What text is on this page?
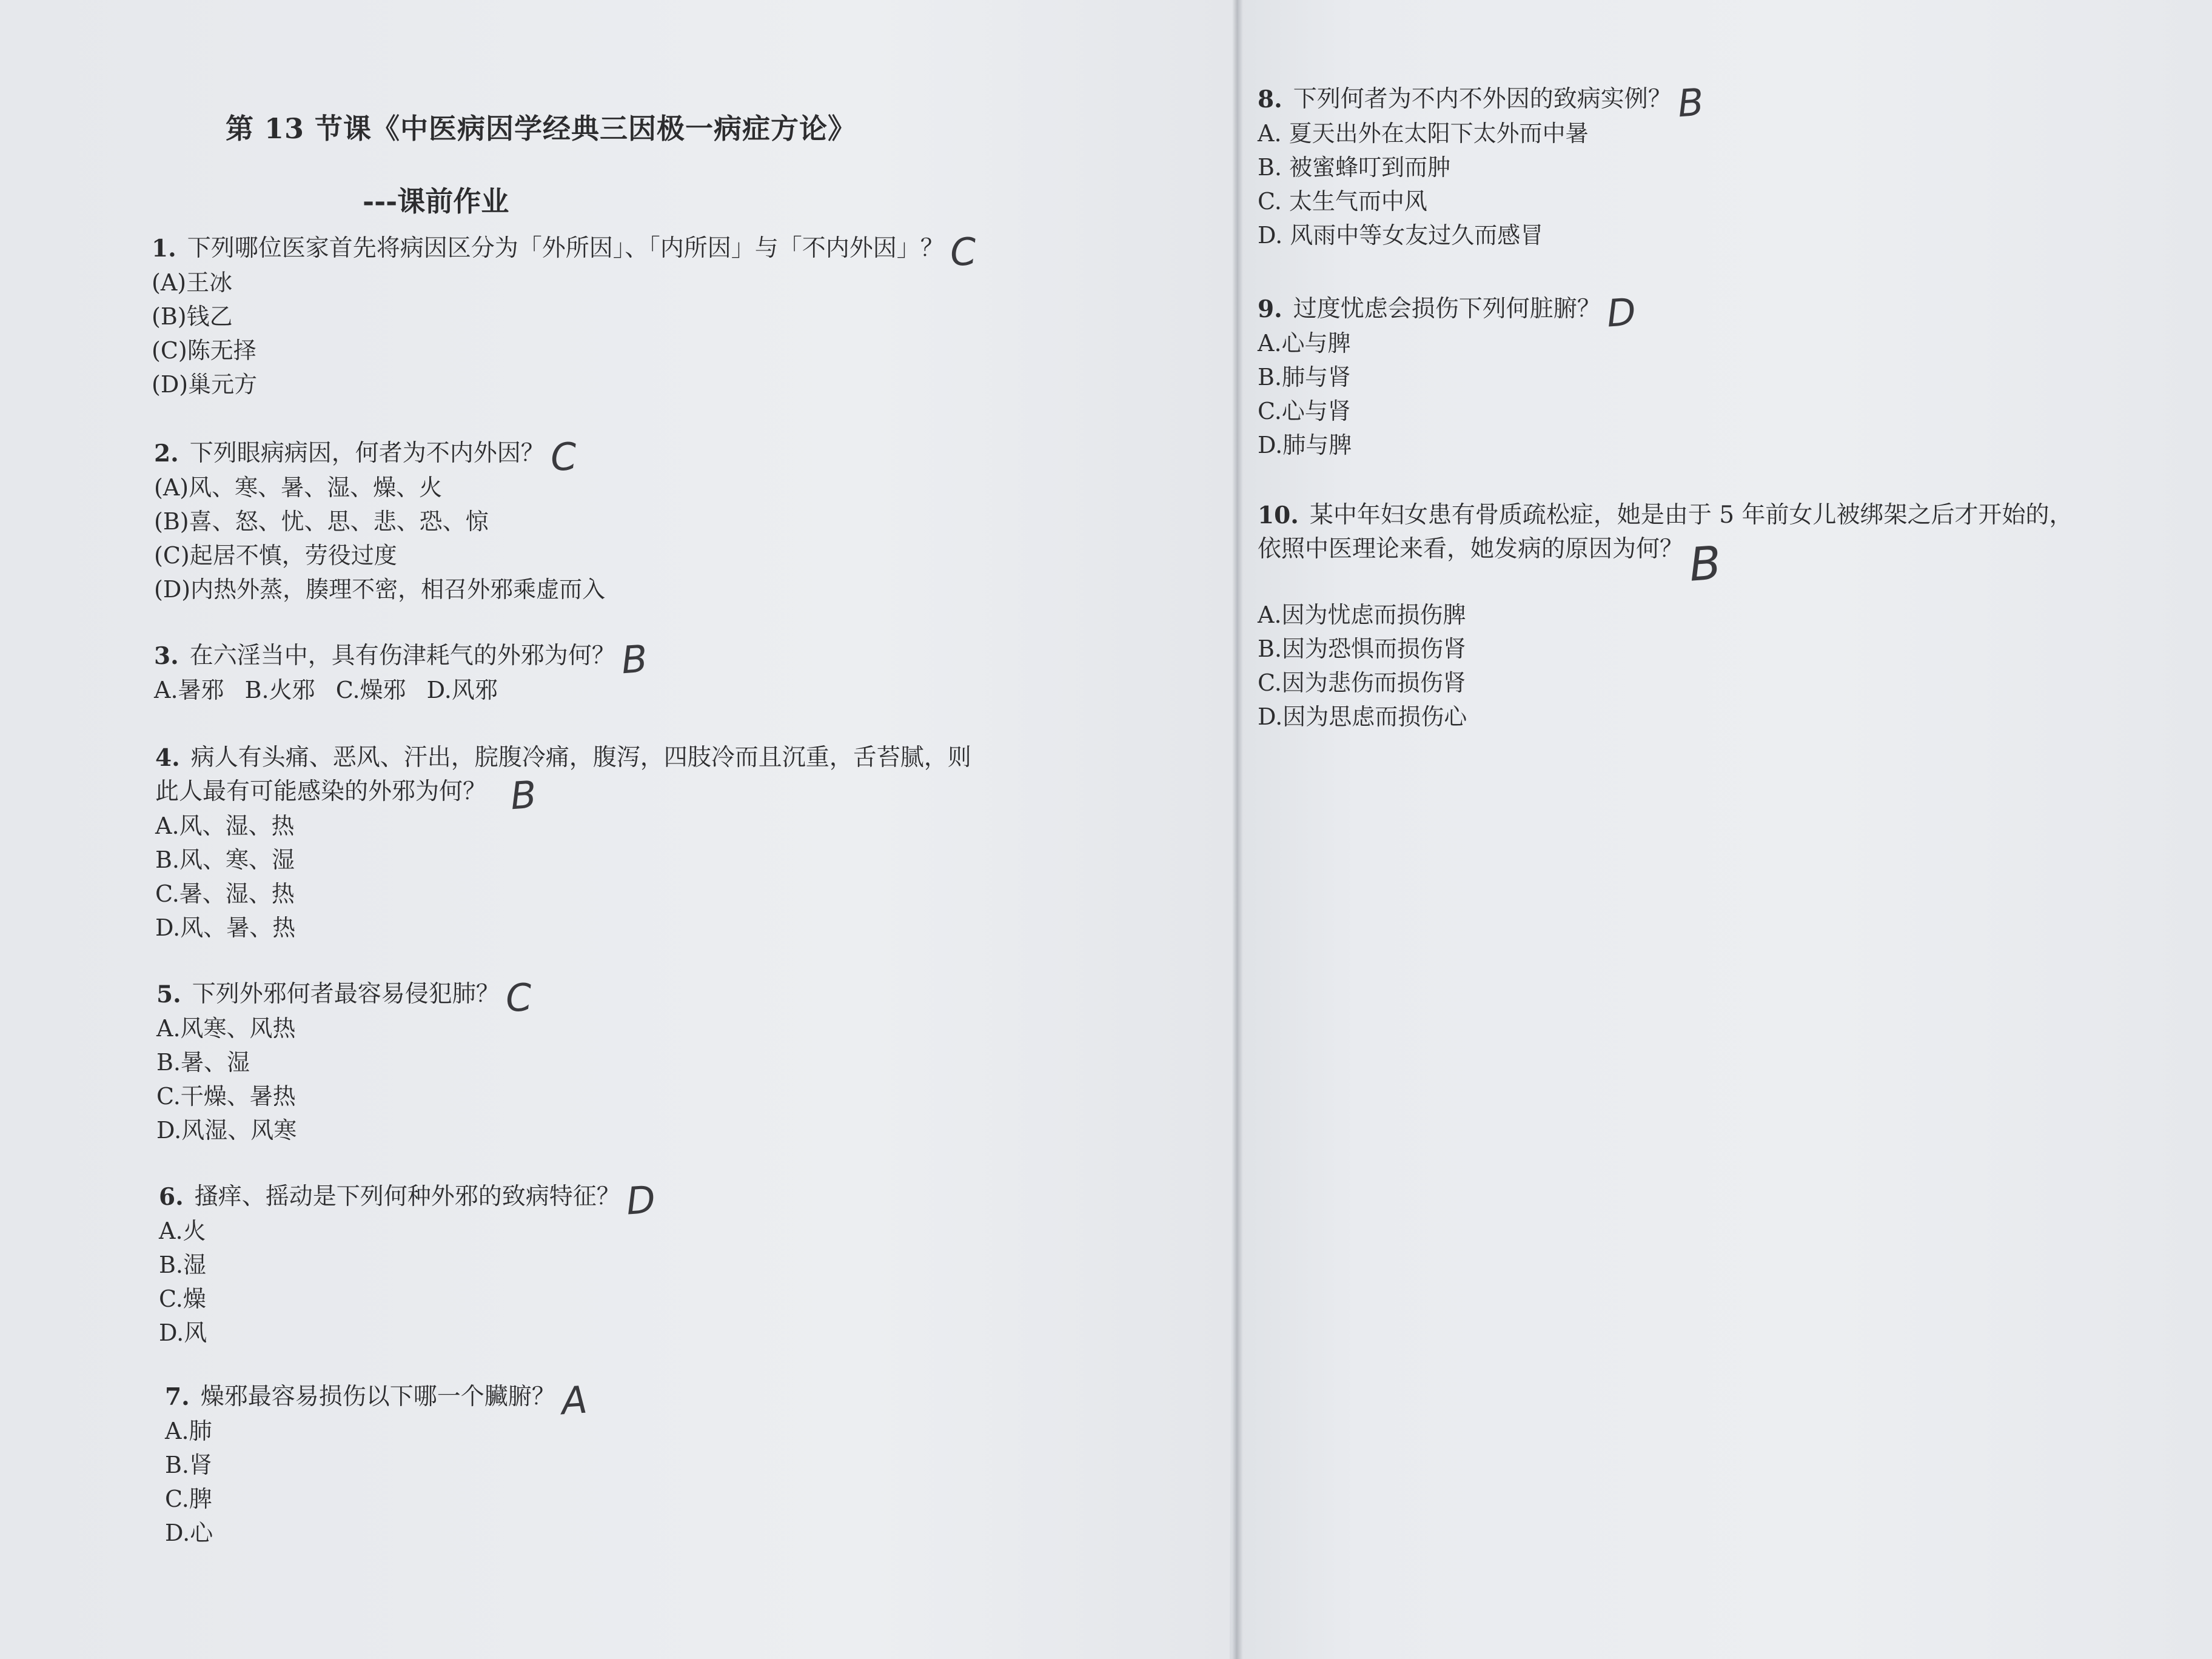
第 13 节课《中医病因学经典三因极一病症方论》
---课前作业
1. 下列哪位医家首先将病因区分为「外所因」、「内所因」与「不内外因」？ C
(A)王冰
(B)钱乙
(C)陈无择
(D)巢元方
2. 下列眼病病因，何者为不内外因？ C
(A)风、寒、暑、湿、燥、火
(B)喜、怒、忧、思、悲、恐、惊
(C)起居不慎，劳役过度
(D)内热外蒸，腠理不密，相召外邪乘虚而入
3. 在六淫当中，具有伤津耗气的外邪为何？ B
A.暑邪 B.火邪 C.燥邪 D.风邪
4. 病人有头痛、恶风、汗出，脘腹冷痛，腹泻，四肢冷而且沉重，舌苔腻，则
此人最有可能感染的外邪为何？ B
A.风、湿、热
B.风、寒、湿
C.暑、湿、热
D.风、暑、热
5. 下列外邪何者最容易侵犯肺？ C
A.风寒、风热
B.暑、湿
C.干燥、暑热
D.风湿、风寒
6. 搔痒、摇动是下列何种外邪的致病特征？ D
A.火
B.湿
C.燥
D.风
7. 燥邪最容易损伤以下哪一个臟腑？ A
A.肺
B.肾
C.脾
D.心
8. 下列何者为不内不外因的致病实例？ B
A. 夏天出外在太阳下太外而中暑
B. 被蜜蜂叮到而肿
C. 太生气而中风
D. 风雨中等女友过久而感冒
9. 过度忧虑会损伤下列何脏腑？ D
A.心与脾
B.肺与肾
C.心与肾
D.肺与脾
10. 某中年妇女患有骨质疏松症，她是由于 5 年前女儿被绑架之后才开始的，
依照中医理论来看，她发病的原因为何？ B
A.因为忧虑而损伤脾
B.因为恐惧而损伤肾
C.因为悲伤而损伤肾
D.因为思虑而损伤心
